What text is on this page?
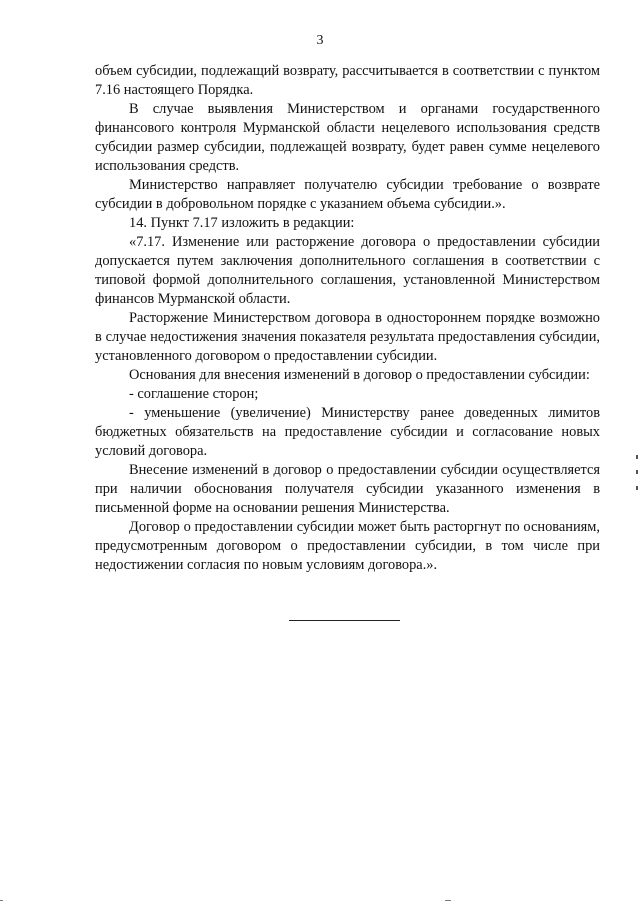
3

объем субсидии, подлежащий возврату, рассчитывается в соответствии с пунктом 7.16 настоящего Порядка.

В случае выявления Министерством и органами государственного финансового контроля Мурманской области нецелевого использования средств субсидии размер субсидии, подлежащей возврату, будет равен сумме нецелевого использования средств.

Министерство направляет получателю субсидии требование о возврате субсидии в добровольном порядке с указанием объема субсидии.».

14. Пункт 7.17 изложить в редакции:

«7.17. Изменение или расторжение договора о предоставлении субсидии допускается путем заключения дополнительного соглашения в соответствии с типовой формой дополнительного соглашения, установленной Министерством финансов Мурманской области.

Расторжение Министерством договора в одностороннем порядке возможно в случае недостижения значения показателя результата предоставления субсидии, установленного договором о предоставлении субсидии.

Основания для внесения изменений в договор о предоставлении субсидии:

- соглашение сторон;

- уменьшение (увеличение) Министерству ранее доведенных лимитов бюджетных обязательств на предоставление субсидии и согласование новых условий договора.

Внесение изменений в договор о предоставлении субсидии осуществляется при наличии обоснования получателя субсидии указанного изменения в письменной форме на основании решения Министерства.

Договор о предоставлении субсидии может быть расторгнут по основаниям, предусмотренным договором о предоставлении субсидии, в том числе при недостижении согласия по новым условиям договора.».
